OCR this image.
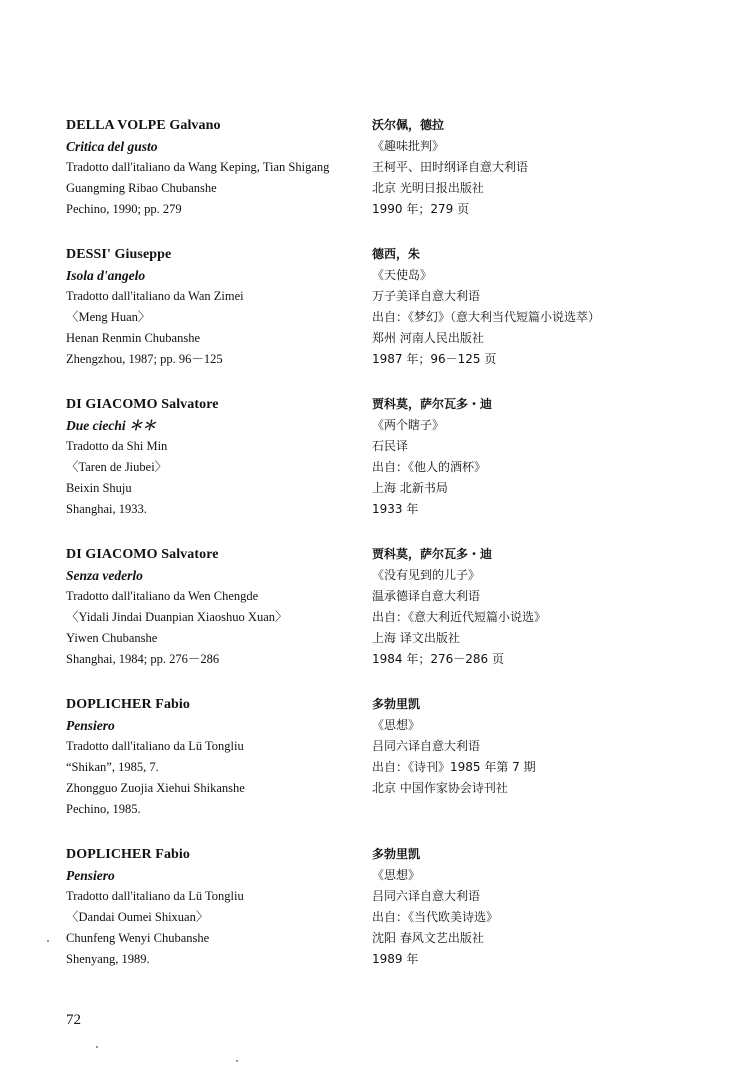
DELLA VOLPE Galvano
Critica del gusto
Tradotto dall'italiano da Wang Keping, Tian Shigang
Guangming Ribao Chubanshe
Pechino, 1990; pp. 279
沃尔佩，德拉
《趣味批判》
王柯平、田时纲译自意大利语
北京 光明日报出版社
1990 年；279 页
DESSI' Giuseppe
Isola d'angelo
Tradotto dall'italiano da Wan Zimei
〈Meng Huan〉
Henan Renmin Chubanshe
Zhengzhou, 1987; pp. 96－125
德西，朱
《天使岛》
万子美译自意大利语
出自：《梦幻》（意大利当代短篇小说选萃）
郑州 河南人民出版社
1987 年；96－125 页
DI GIACOMO Salvatore
Due ciechi ＊＊
Tradotto da Shi Min
〈Taren de Jiubei〉
Beixin Shuju
Shanghai, 1933.
贾科莫，萨尔瓦多・迪
《两个瞎子》
石民译
出自：《他人的酒杯》
上海 北新书局
1933 年
DI GIACOMO Salvatore
Senza vederlo
Tradotto dall'italiano da Wen Chengde
〈Yidali Jindai Duanpian Xiaoshuo Xuan〉
Yiwen Chubanshe
Shanghai, 1984; pp. 276－286
贾科莫，萨尔瓦多・迪
《没有见到的儿子》
温承德译自意大利语
出自：《意大利近代短篇小说选》
上海 译文出版社
1984 年；276－286 页
DOPLICHER Fabio
Pensiero
Tradotto dall'italiano da Lü Tongliu
“Shikan”, 1985, 7.
Zhongguo Zuojia Xiehui Shikanshe
Pechino, 1985.
多勃里凯
《思想》
吕同六译自意大利语
出自：《诗刊》1985 年第 7 期
北京 中国作家协会诗刊社
DOPLICHER Fabio
Pensiero
Tradotto dall'italiano da Lü Tongliu
〈Dandai Oumei Shixuan〉
Chunfeng Wenyi Chubanshe
Shenyang, 1989.
多勃里凯
《思想》
吕同六译自意大利语
出自：《当代欧美诗选》
沈阳 春风文艺出版社
1989 年
72
